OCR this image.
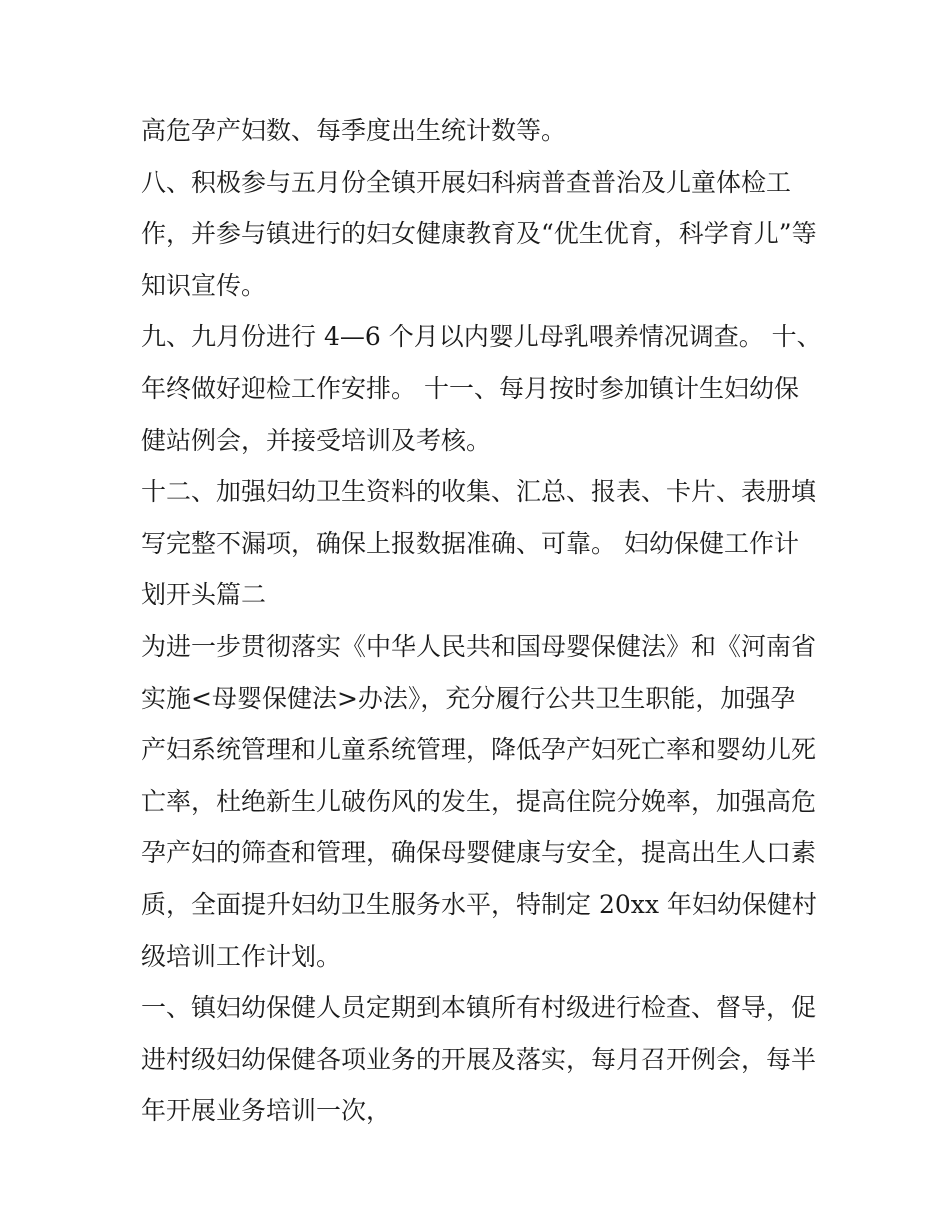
高危孕产妇数、每季度出生统计数等。

八、积极参与五月份全镇开展妇科病普查普治及儿童体检工
作，并参与镇进行的妇女健康教育及“优生优育，科学育儿”等
知识宣传。

九、九月份进行 4—6 个月以内婴儿母乳喂养情况调查。 十、
年终做好迎检工作安排。 十一、每月按时参加镇计生妇幼保
健站例会，并接受培训及考核。

十二、加强妇幼卫生资料的收集、汇总、报表、卡片、表册填
写完整不漏项，确保上报数据准确、可靠。 妇幼保健工作计
划开头篇二

为进一步贯彻落实《中华人民共和国母婴保健法》和《河南省
实施<母婴保健法>办法》，充分履行公共卫生职能，加强孕
产妇系统管理和儿童系统管理，降低孕产妇死亡率和婴幼儿死
亡率，杜绝新生儿破伤风的发生，提高住院分娩率，加强高危
孕产妇的筛查和管理，确保母婴健康与安全，提高出生人口素
质，全面提升妇幼卫生服务水平，特制定 20xx 年妇幼保健村
级培训工作计划。

一、镇妇幼保健人员定期到本镇所有村级进行检查、督导，促
进村级妇幼保健各项业务的开展及落实，每月召开例会，每半
年开展业务培训一次，
